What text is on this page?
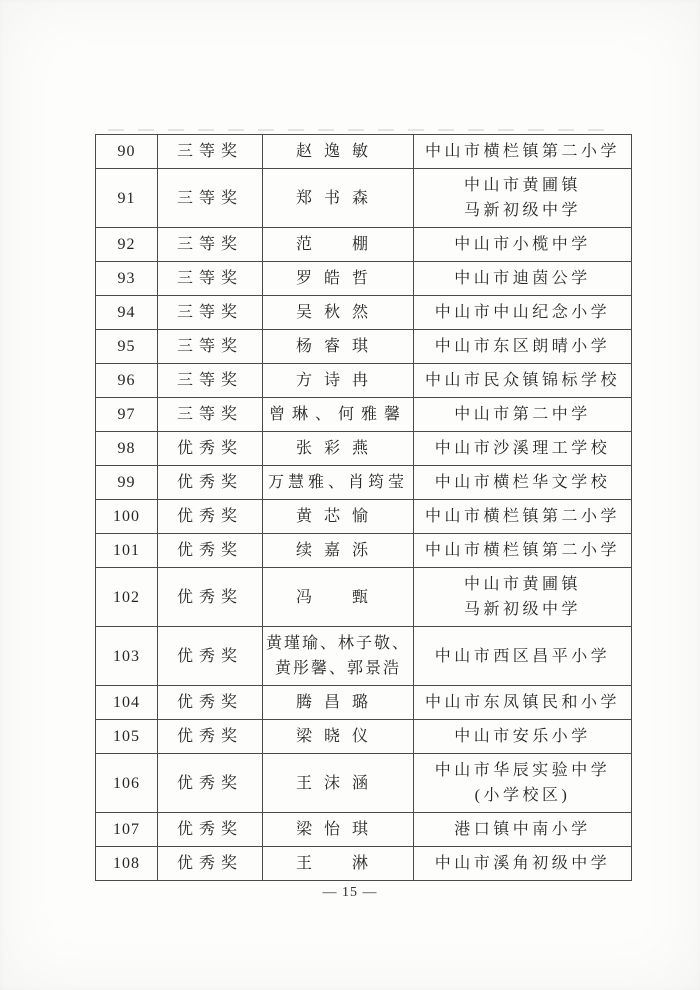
90	三等奖	赵逸敏	中山市横栏镇第二小学

91	三等奖	郑书森	中山市黄圃镇
马新初级中学

92	三等奖	范　棚	中山市小榄中学

93	三等奖	罗皓哲	中山市迪茵公学

94	三等奖	吴秋然	中山市中山纪念小学

95	三等奖	杨睿琪	中山市东区朗晴小学

96	三等奖	方诗冉	中山市民众镇锦标学校

97	三等奖	曾琳、何雅馨	中山市第二中学

98	优秀奖	张彩燕	中山市沙溪理工学校

99	优秀奖	万慧雅、肖筠莹	中山市横栏华文学校

100	优秀奖	黄芯愉	中山市横栏镇第二小学

101	优秀奖	续嘉泺	中山市横栏镇第二小学

102	优秀奖	冯　甄	中山市黄圃镇
马新初级中学

103	优秀奖	黄瑾瑜、林子敬、
黄彤馨、郭景浩	中山市西区昌平小学

104	优秀奖	腾昌璐	中山市东凤镇民和小学

105	优秀奖	梁晓仪	中山市安乐小学

106	优秀奖	王沫涵	中山市华辰实验中学
(小学校区)

107	优秀奖	梁怡琪	港口镇中南小学

108	优秀奖	王　淋	中山市溪角初级中学
— 15 —
